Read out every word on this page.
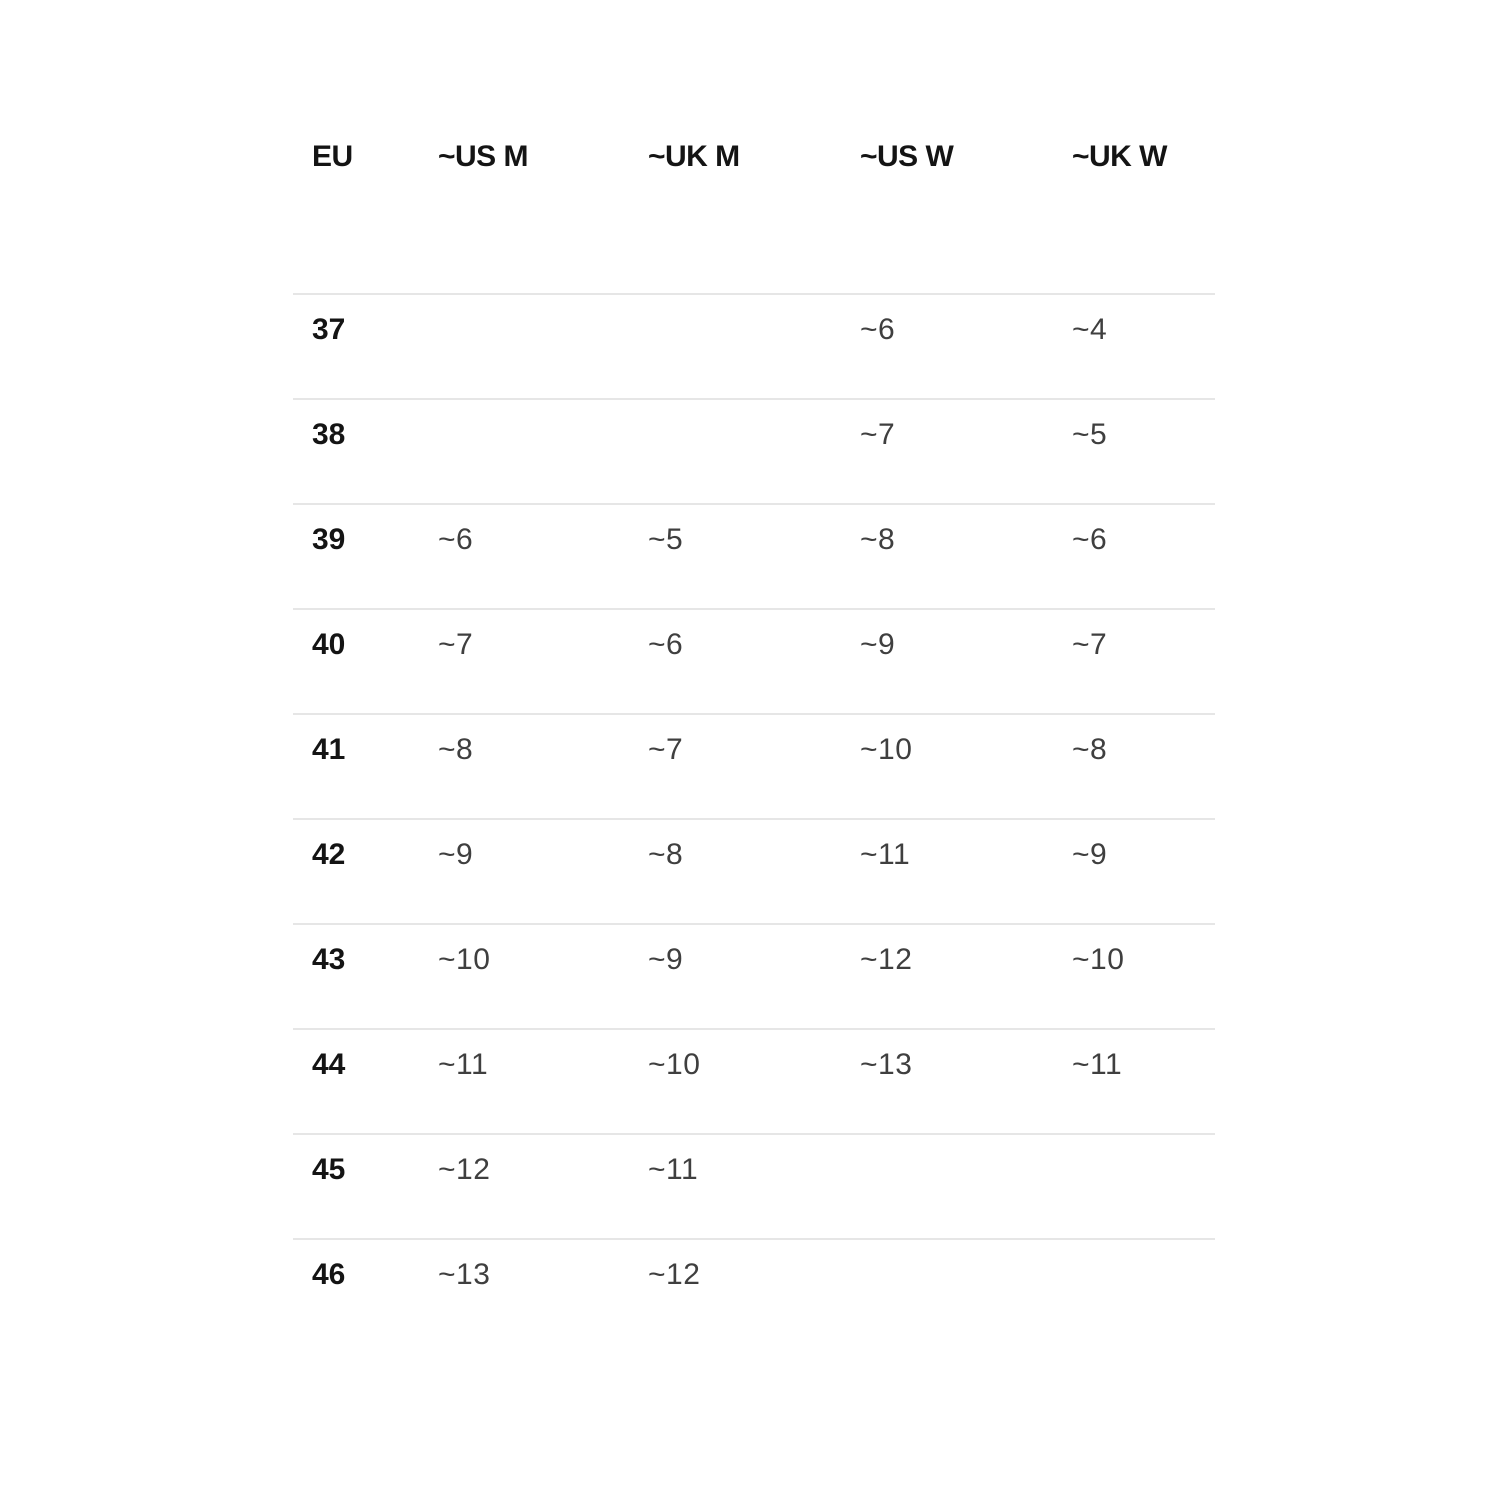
EU	~US M	~UK M	~US W	~UK W
37			~6	~4
38			~7	~5
39	~6	~5	~8	~6
40	~7	~6	~9	~7
41	~8	~7	~10	~8
42	~9	~8	~11	~9
43	~10	~9	~12	~10
44	~11	~10	~13	~11
45	~12	~11		
46	~13	~12		
